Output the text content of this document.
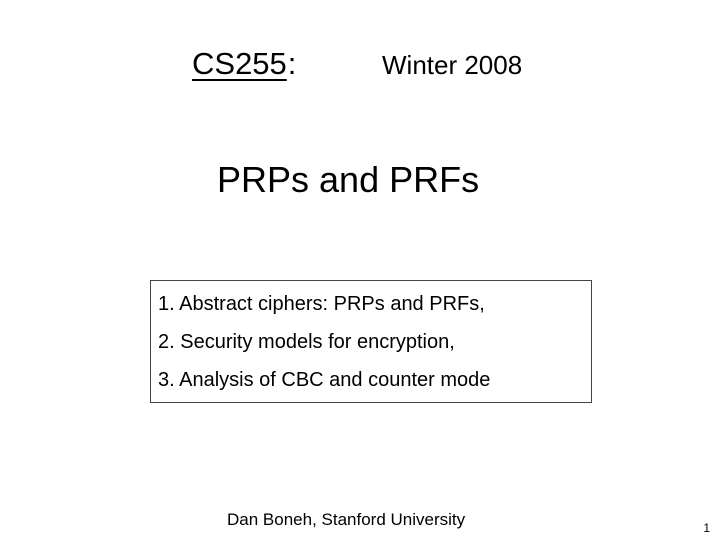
CS255:	Winter 2008
PRPs and PRFs
1. Abstract ciphers: PRPs and PRFs,
2. Security models for encryption,
3. Analysis of CBC and counter mode
Dan Boneh, Stanford University	1
